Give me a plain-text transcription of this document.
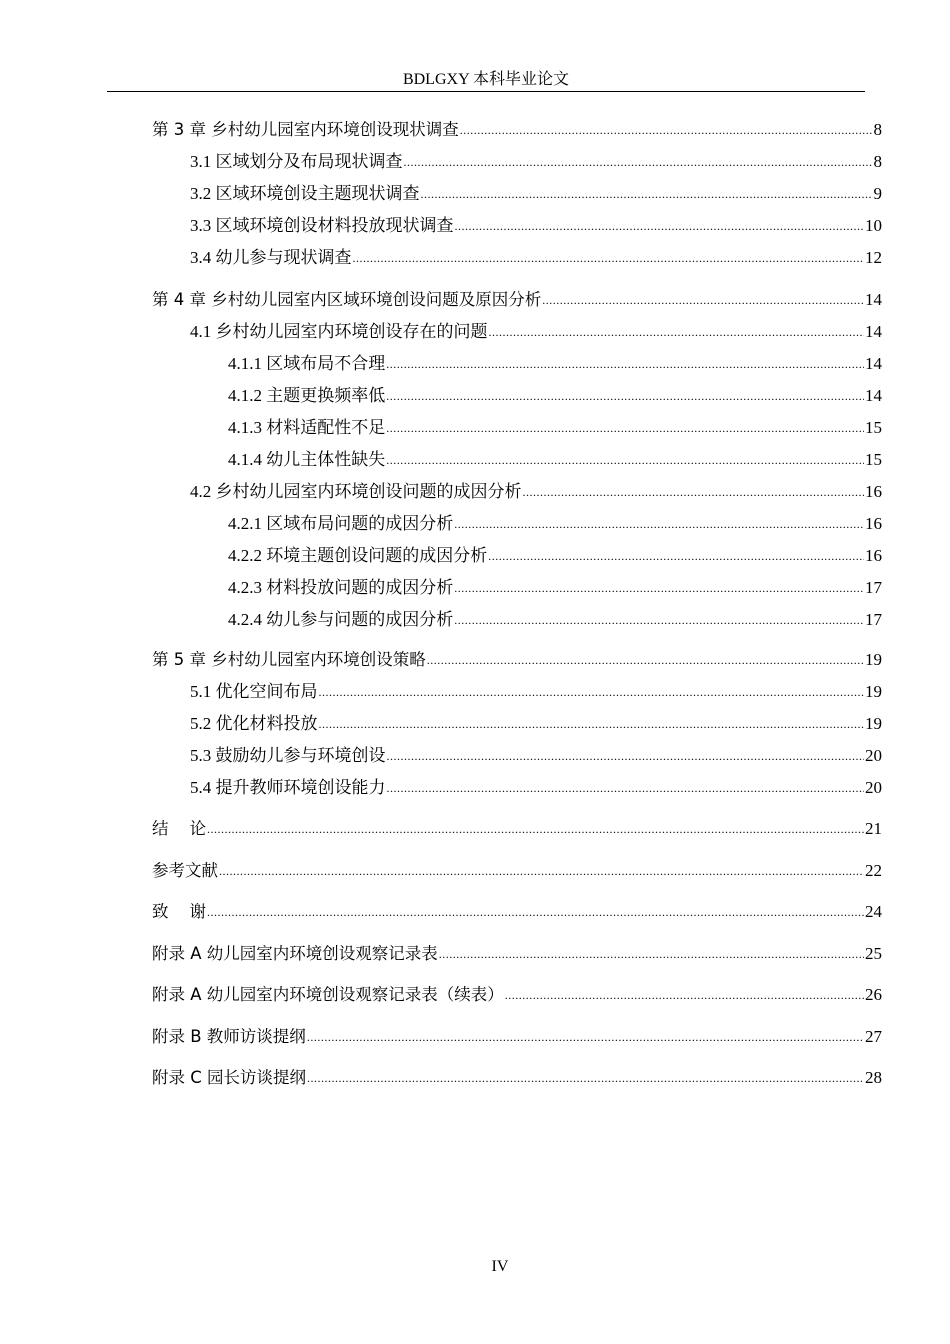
BDLGXY 本科毕业论文
第 3 章 乡村幼儿园室内环境创设现状调查 .....	8
3.1 区域划分及布局现状调查 .....	8
3.2 区域环境创设主题现状调查 .....	9
3.3 区域环境创设材料投放现状调查 .....	10
3.4 幼儿参与现状调查 .....	12
第 4 章 乡村幼儿园室内区域环境创设问题及原因分析 .....	14
4.1 乡村幼儿园室内环境创设存在的问题 .....	14
4.1.1 区域布局不合理 .....	14
4.1.2 主题更换频率低 .....	14
4.1.3 材料适配性不足 .....	15
4.1.4 幼儿主体性缺失 .....	15
4.2 乡村幼儿园室内环境创设问题的成因分析 .....	16
4.2.1 区域布局问题的成因分析 .....	16
4.2.2 环境主题创设问题的成因分析 .....	16
4.2.3 材料投放问题的成因分析 .....	17
4.2.4 幼儿参与问题的成因分析 .....	17
第 5 章 乡村幼儿园室内环境创设策略 .....	19
5.1 优化空间布局 .....	19
5.2 优化材料投放 .....	19
5.3 鼓励幼儿参与环境创设 .....	20
5.4 提升教师环境创设能力 .....	20
结    论 .....	21
参考文献 .....	22
致    谢 .....	24
附录 A 幼儿园室内环境创设观察记录表 .....	25
附录 A 幼儿园室内环境创设观察记录表（续表） .....	26
附录 B 教师访谈提纲 .....	27
附录 C 园长访谈提纲 .....	28
IV
